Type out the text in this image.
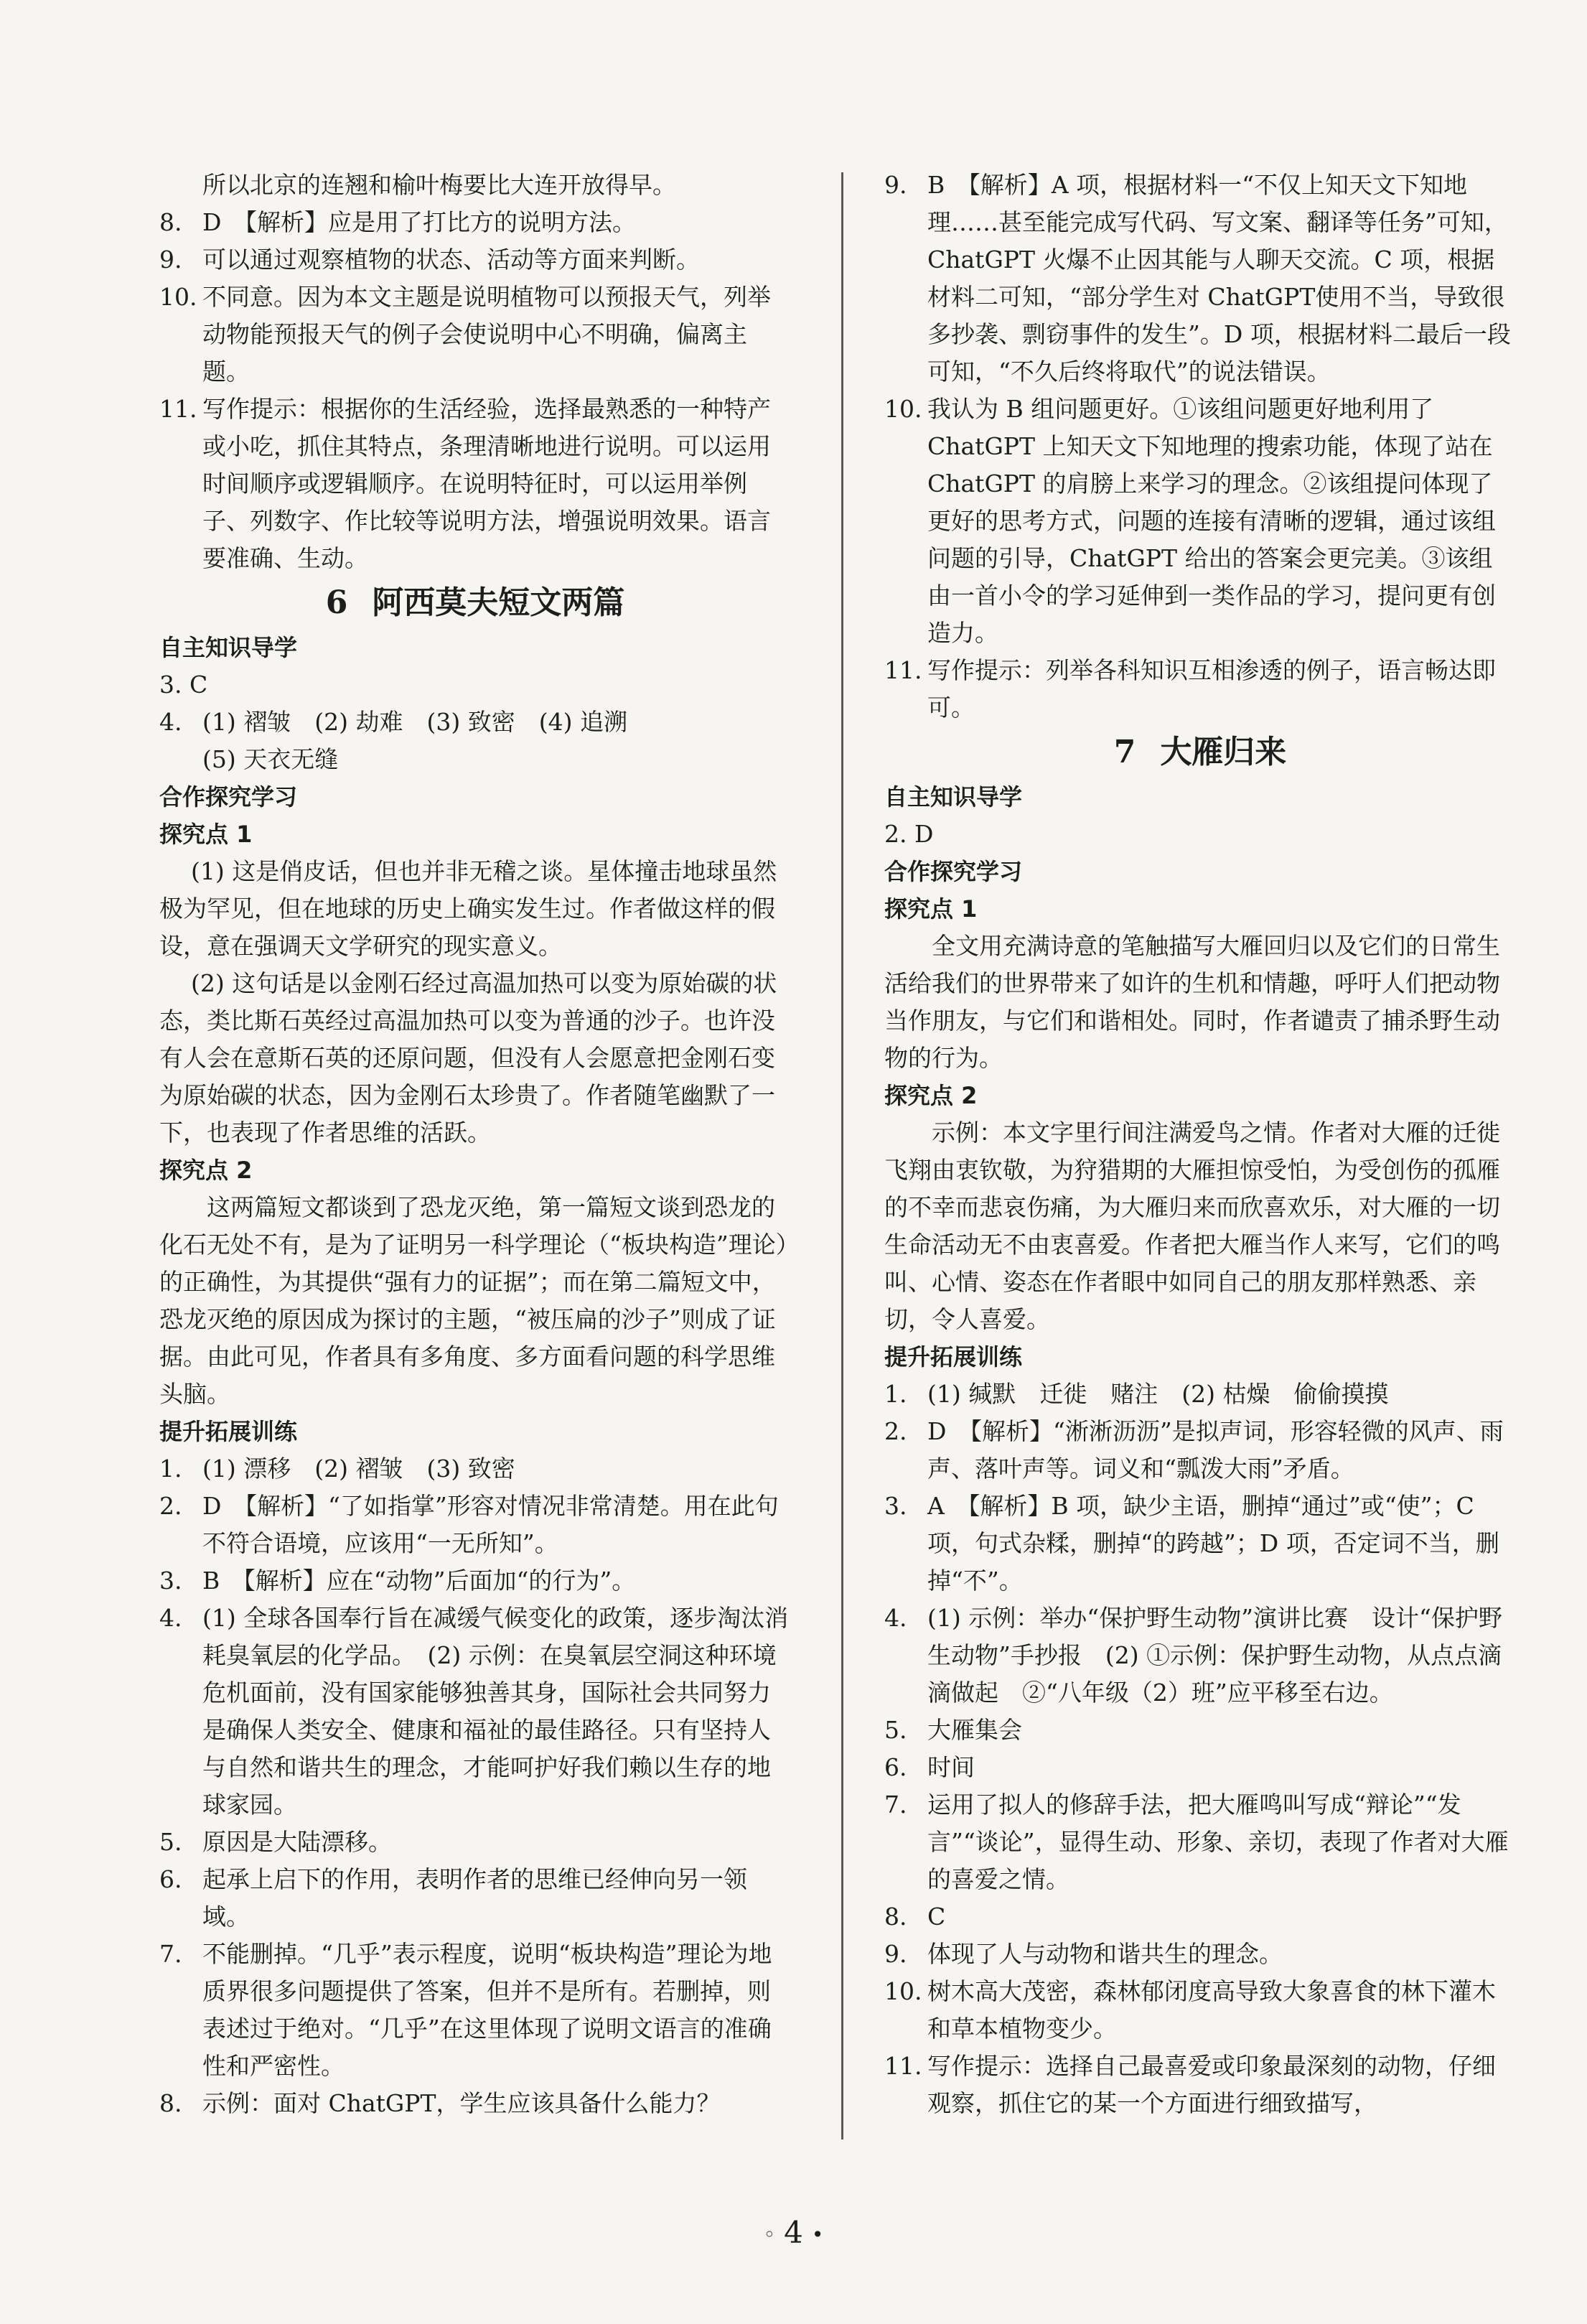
所以北京的连翘和榆叶梅要比大连开放得早。

8. D　【解析】应是用了打比方的说明方法。

9. 可以通过观察植物的状态、活动等方面来判断。

10. 不同意。因为本文主题是说明植物可以预报天气，列举动物能预报天气的例子会使说明中心不明确，偏离主题。

11. 写作提示：根据你的生活经验，选择最熟悉的一种特产或小吃，抓住其特点，条理清晰地进行说明。可以运用时间顺序或逻辑顺序。在说明特征时，可以运用举例子、列数字、作比较等说明方法，增强说明效果。语言要准确、生动。

6 阿西莫夫短文两篇
自主知识导学

3. C

4. (1) 褶皱　(2) 劫难　(3) 致密　(4) 追溯

(5) 天衣无缝

合作探究学习
探究点 1

(1) 这是俏皮话，但也并非无稽之谈。星体撞击地球虽然极为罕见，但在地球的历史上确实发生过。作者做这样的假设，意在强调天文学研究的现实意义。

(2) 这句话是以金刚石经过高温加热可以变为原始碳的状态，类比斯石英经过高温加热可以变为普通的沙子。也许没有人会在意斯石英的还原问题，但没有人会愿意把金刚石变为原始碳的状态，因为金刚石太珍贵了。作者随笔幽默了一下，也表现了作者思维的活跃。

探究点 2

这两篇短文都谈到了恐龙灭绝，第一篇短文谈到恐龙的化石无处不有，是为了证明另一科学理论（“板块构造”理论）的正确性，为其提供“强有力的证据”；而在第二篇短文中，恐龙灭绝的原因成为探讨的主题，“被压扁的沙子”则成了证据。由此可见，作者具有多角度、多方面看问题的科学思维头脑。

提升拓展训练

1. (1) 漂移　(2) 褶皱　(3) 致密

2. D　【解析】“了如指掌”形容对情况非常清楚。用在此句不符合语境，应该用“一无所知”。

3. B　【解析】应在“动物”后面加“的行为”。

4. (1) 全球各国奉行旨在减缓气候变化的政策，逐步淘汰消耗臭氧层的化学品。　(2) 示例：在臭氧层空洞这种环境危机面前，没有国家能够独善其身，国际社会共同努力是确保人类安全、健康和福祉的最佳路径。只有坚持人与自然和谐共生的理念，才能呵护好我们赖以生存的地球家园。

5. 原因是大陆漂移。

6. 起承上启下的作用，表明作者的思维已经伸向另一领域。

7. 不能删掉。“几乎”表示程度，说明“板块构造”理论为地质界很多问题提供了答案，但并不是所有。若删掉，则表述过于绝对。“几乎”在这里体现了说明文语言的准确性和严密性。

8. 示例：面对 ChatGPT，学生应该具备什么能力？

9. B　【解析】A 项，根据材料一“不仅上知天文下知地理……甚至能完成写代码、写文案、翻译等任务”可知，ChatGPT 火爆不止因其能与人聊天交流。C 项，根据材料二可知，“部分学生对 ChatGPT使用不当，导致很多抄袭、剽窃事件的发生”。D 项，根据材料二最后一段可知，“不久后终将取代”的说法错误。

10. 我认为 B 组问题更好。①该组问题更好地利用了 ChatGPT 上知天文下知地理的搜索功能，体现了站在 ChatGPT 的肩膀上来学习的理念。②该组提问体现了更好的思考方式，问题的连接有清晰的逻辑，通过该组问题的引导，ChatGPT 给出的答案会更完美。③该组由一首小令的学习延伸到一类作品的学习，提问更有创造力。

11. 写作提示：列举各科知识互相渗透的例子，语言畅达即可。

7 大雁归来
自主知识导学

2. D

合作探究学习
探究点 1

全文用充满诗意的笔触描写大雁回归以及它们的日常生活给我们的世界带来了如许的生机和情趣，呼吁人们把动物当作朋友，与它们和谐相处。同时，作者谴责了捕杀野生动物的行为。

探究点 2

示例：本文字里行间注满爱鸟之情。作者对大雁的迁徙飞翔由衷钦敬，为狩猎期的大雁担惊受怕，为受创伤的孤雁的不幸而悲哀伤痛，为大雁归来而欣喜欢乐，对大雁的一切生命活动无不由衷喜爱。作者把大雁当作人来写，它们的鸣叫、心情、姿态在作者眼中如同自己的朋友那样熟悉、亲切，令人喜爱。

提升拓展训练

1. (1) 缄默　迁徙　赌注　(2) 枯燥　偷偷摸摸

2. D　【解析】“淅淅沥沥”是拟声词，形容轻微的风声、雨声、落叶声等。词义和“瓢泼大雨”矛盾。

3. A　【解析】B 项，缺少主语，删掉“通过”或“使”；C 项，句式杂糅，删掉“的跨越”；D 项，否定词不当，删掉“不”。

4. (1) 示例：举办“保护野生动物”演讲比赛　设计“保护野生动物”手抄报　(2) ①示例：保护野生动物，从点点滴滴做起　②“八年级（2）班”应平移至右边。

5. 大雁集会

6. 时间

7. 运用了拟人的修辞手法，把大雁鸣叫写成“辩论”“发言”“谈论”，显得生动、形象、亲切，表现了作者对大雁的喜爱之情。

8. C

9. 体现了人与动物和谐共生的理念。

10. 树木高大茂密，森林郁闭度高导致大象喜食的林下灌木和草本植物变少。

11. 写作提示：选择自己最喜爱或印象最深刻的动物，仔细观察，抓住它的某一个方面进行细致描写，

◦ 4 •
